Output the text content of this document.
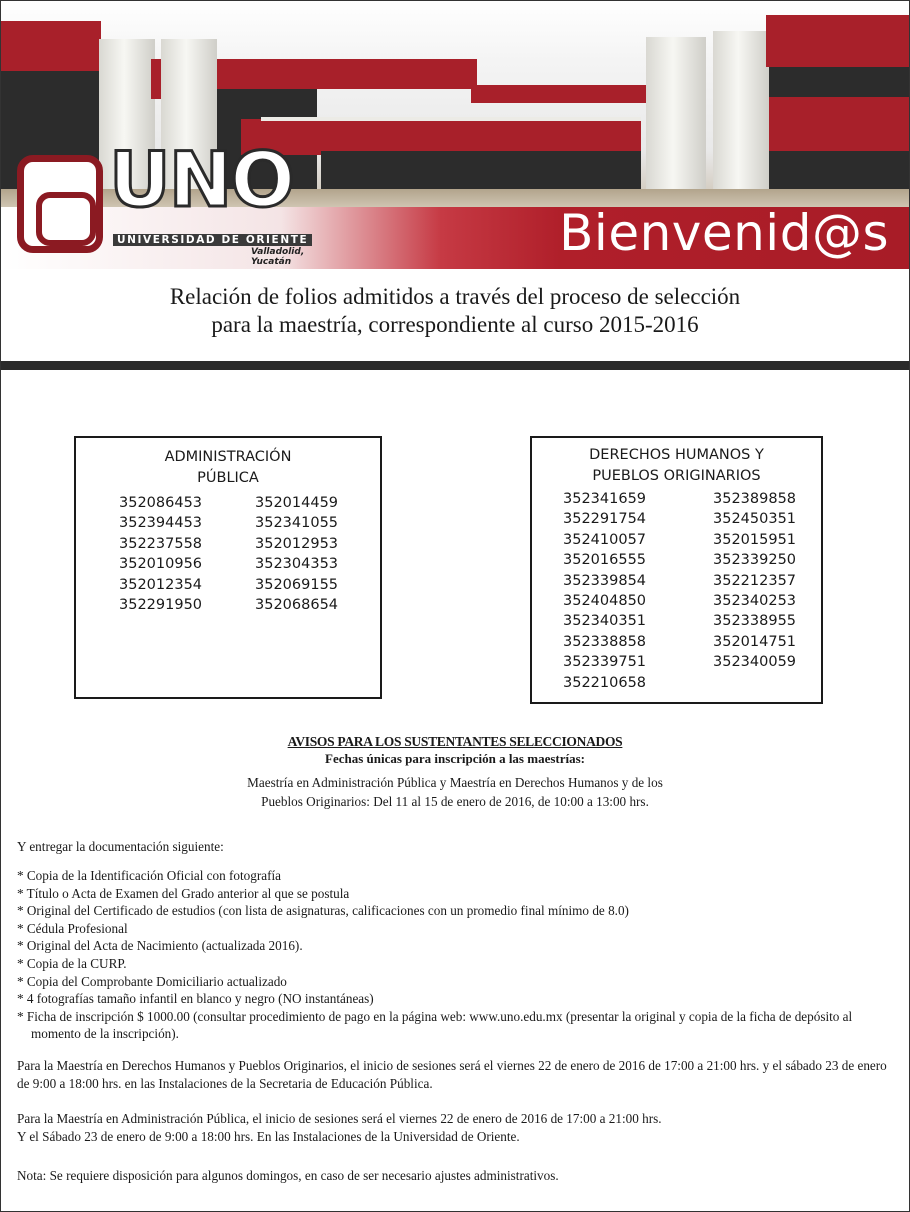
Bienvenid@s
UNO
UNIVERSIDAD DE ORIENTE
Valladolid, Yucatán
Relación de folios admitidos a través del proceso de selección
para la maestría, correspondiente al curso 2015-2016
ADMINISTRACIÓN
PÚBLICA
352086453
352394453
352237558
352010956
352012354
352291950
352014459
352341055
352012953
352304353
352069155
352068654
DERECHOS HUMANOS Y
PUEBLOS ORIGINARIOS
352341659
352291754
352410057
352016555
352339854
352404850
352340351
352338858
352339751
352210658
352389858
352450351
352015951
352339250
352212357
352340253
352338955
352014751
352340059
AVISOS PARA LOS SUSTENTANTES SELECCIONADOS
Fechas únicas para inscripción a las maestrías:
Maestría en Administración Pública y Maestría en Derechos Humanos y de los
Pueblos Originarios: Del 11 al 15 de enero de 2016, de 10:00 a 13:00 hrs.
Y entregar la documentación siguiente:
* Copia de la Identificación Oficial con fotografía
* Título o Acta de Examen del Grado anterior al que se postula
* Original del Certificado de estudios (con lista de asignaturas, calificaciones con un promedio final mínimo de 8.0)
* Cédula Profesional
* Original del Acta de Nacimiento (actualizada 2016).
* Copia de la CURP.
* Copia del Comprobante Domiciliario actualizado
* 4 fotografías tamaño infantil en blanco y negro (NO instantáneas)
* Ficha de inscripción $ 1000.00 (consultar procedimiento de pago en la página web: www.uno.edu.mx (presentar la original y copia de la ficha de depósito al momento de la inscripción).
Para la Maestría en Derechos Humanos y Pueblos Originarios, el inicio de sesiones será el viernes 22 de enero de 2016 de 17:00 a 21:00 hrs. y el sábado 23 de enero de 9:00 a 18:00 hrs. en las Instalaciones de la Secretaria de Educación Pública.
Para la Maestría en Administración Pública, el inicio de sesiones será el viernes 22 de enero de 2016 de 17:00 a 21:00 hrs.
Y el Sábado 23 de enero de 9:00 a 18:00 hrs. En las Instalaciones de la Universidad de Oriente.
Nota: Se requiere disposición para algunos domingos, en caso de ser necesario ajustes administrativos.
